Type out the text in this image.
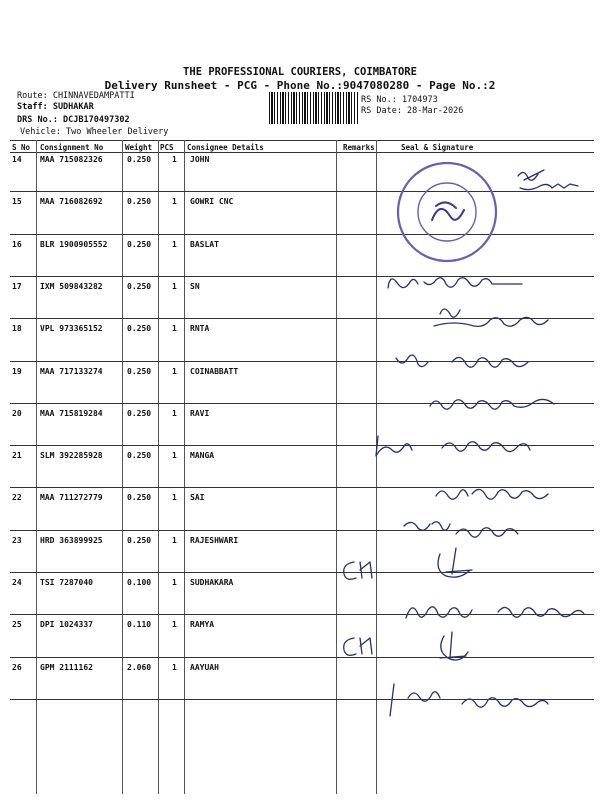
THE PROFESSIONAL COURIERS, COIMBATORE
Delivery Runsheet - PCG - Phone No.:9047080280 - Page No.:2
Route: CHINNAVEDAMPATTI
Staff: SUDHAKAR
DRS No.: DCJB170497302
Vehicle: Two Wheeler Delivery
RS No.: 1704973
RS Date: 28-Mar-2026
S No Consignment No	Weight PCS Consignee Details	Remarks	Seal & Signature
14 MAA 715082326	0.250	1 JOHN
15 MAA 716082692	0.250	1 GOWRI CNC
16 BLR 1900905552 0.250	1 BASLAT
17 IXM 509843282	0.250	1 SN
18 VPL 973365152	0.250	1 RNTA
19 MAA 717133274	0.250	1 COINABBATT
20 MAA 715819284	0.250	1 RAVI
21 SLM 392285928	0.250	1 MANGA
22 MAA 711272779	0.250	1 SAI
23 HRD 363899925	0.250	1 RAJESHWARI
24 TSI 7287040	0.100	1 SUDHAKARA
25 DPI 1024337	0.110	1 RAMYA
26 GPM 2111162	2.060	1 AAYUAH
